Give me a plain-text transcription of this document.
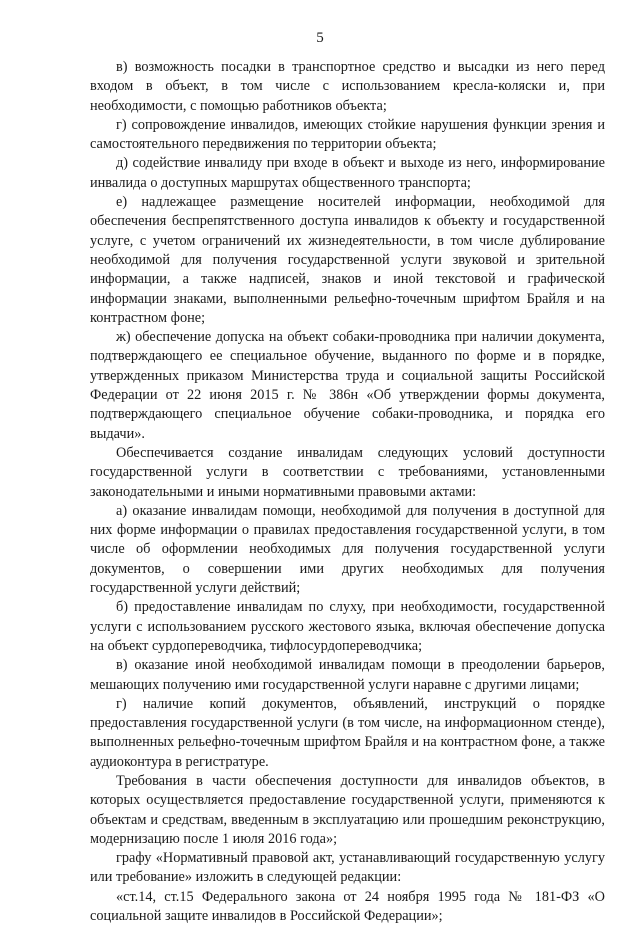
5

в) возможность посадки в транспортное средство и высадки из него перед входом в объект, в том числе с использованием кресла-коляски и, при необходимости, с помощью работников объекта;

г) сопровождение инвалидов, имеющих стойкие нарушения функции зрения и самостоятельного передвижения по территории объекта;

д) содействие инвалиду при входе в объект и выходе из него, информирование инвалида о доступных маршрутах общественного транспорта;

е) надлежащее размещение носителей информации, необходимой для обеспечения беспрепятственного доступа инвалидов к объекту и государственной услуге, с учетом ограничений их жизнедеятельности, в том числе дублирование необходимой для получения государственной услуги звуковой и зрительной информации, а также надписей, знаков и иной текстовой и графической информации знаками, выполненными рельефно-точечным шрифтом Брайля и на контрастном фоне;

ж) обеспечение допуска на объект собаки-проводника при наличии документа, подтверждающего ее специальное обучение, выданного по форме и в порядке, утвержденных приказом Министерства труда и социальной защиты Российской Федерации от 22 июня 2015 г. № 386н «Об утверждении формы документа, подтверждающего специальное обучение собаки-проводника, и порядка его выдачи».

Обеспечивается создание инвалидам следующих условий доступности государственной услуги в соответствии с требованиями, установленными законодательными и иными нормативными правовыми актами:

а) оказание инвалидам помощи, необходимой для получения в доступной для них форме информации о правилах предоставления государственной услуги, в том числе об оформлении необходимых для получения государственной услуги документов, о совершении ими других необходимых для получения государственной услуги действий;

б) предоставление инвалидам по слуху, при необходимости, государственной услуги с использованием русского жестового языка, включая обеспечение допуска на объект сурдопереводчика, тифлосурдопереводчика;

в) оказание иной необходимой инвалидам помощи в преодолении барьеров, мешающих получению ими государственной услуги наравне с другими лицами;

г) наличие копий документов, объявлений, инструкций о порядке предоставления государственной услуги (в том числе, на информационном стенде), выполненных рельефно-точечным шрифтом Брайля и на контрастном фоне, а также аудиоконтура в регистратуре.

Требования в части обеспечения доступности для инвалидов объектов, в которых осуществляется предоставление государственной услуги, применяются к объектам и средствам, введенным в эксплуатацию или прошедшим реконструкцию, модернизацию после 1 июля 2016 года»;

графу «Нормативный правовой акт, устанавливающий государственную услугу или требование» изложить в следующей редакции:

«ст.14, ст.15 Федерального закона от 24 ноября 1995 года № 181-ФЗ «О социальной защите инвалидов в Российской Федерации»;
